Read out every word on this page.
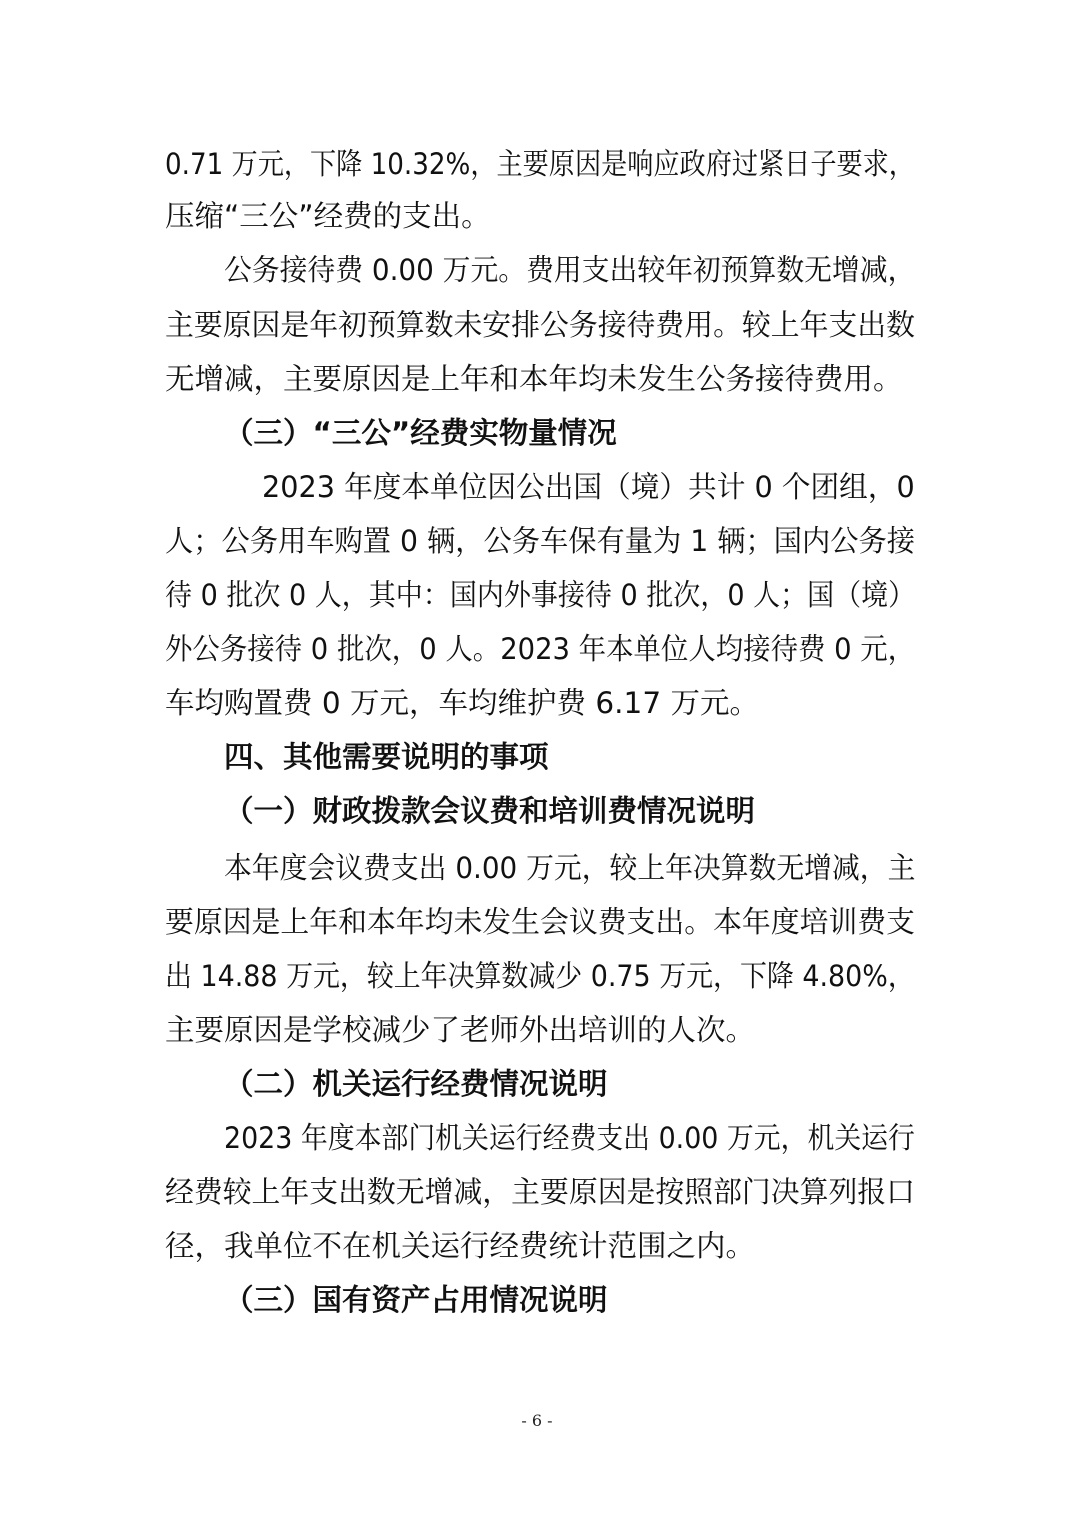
0.71 万元，下降 10.32%，主要原因是响应政府过紧日子要求，
压缩“三公”经费的支出。
公务接待费 0.00 万元。费用支出较年初预算数无增减，
主要原因是年初预算数未安排公务接待费用。较上年支出数
无增减，主要原因是上年和本年均未发生公务接待费用。
（三）“三公”经费实物量情况
2023 年度本单位因公出国（境）共计 0 个团组，0
人；公务用车购置 0 辆，公务车保有量为 1 辆；国内公务接
待 0 批次 0 人，其中：国内外事接待 0 批次，0 人；国（境）
外公务接待 0 批次，0 人。2023 年本单位人均接待费 0 元，
车均购置费 0 万元，车均维护费 6.17 万元。
四、其他需要说明的事项
（一）财政拨款会议费和培训费情况说明
本年度会议费支出 0.00 万元，较上年决算数无增减，主
要原因是上年和本年均未发生会议费支出。本年度培训费支
出 14.88 万元，较上年决算数减少 0.75 万元，下降 4.80%，
主要原因是学校减少了老师外出培训的人次。
（二）机关运行经费情况说明
2023 年度本部门机关运行经费支出 0.00 万元，机关运行
经费较上年支出数无增减，主要原因是按照部门决算列报口
径，我单位不在机关运行经费统计范围之内。
（三）国有资产占用情况说明
- 6 -
